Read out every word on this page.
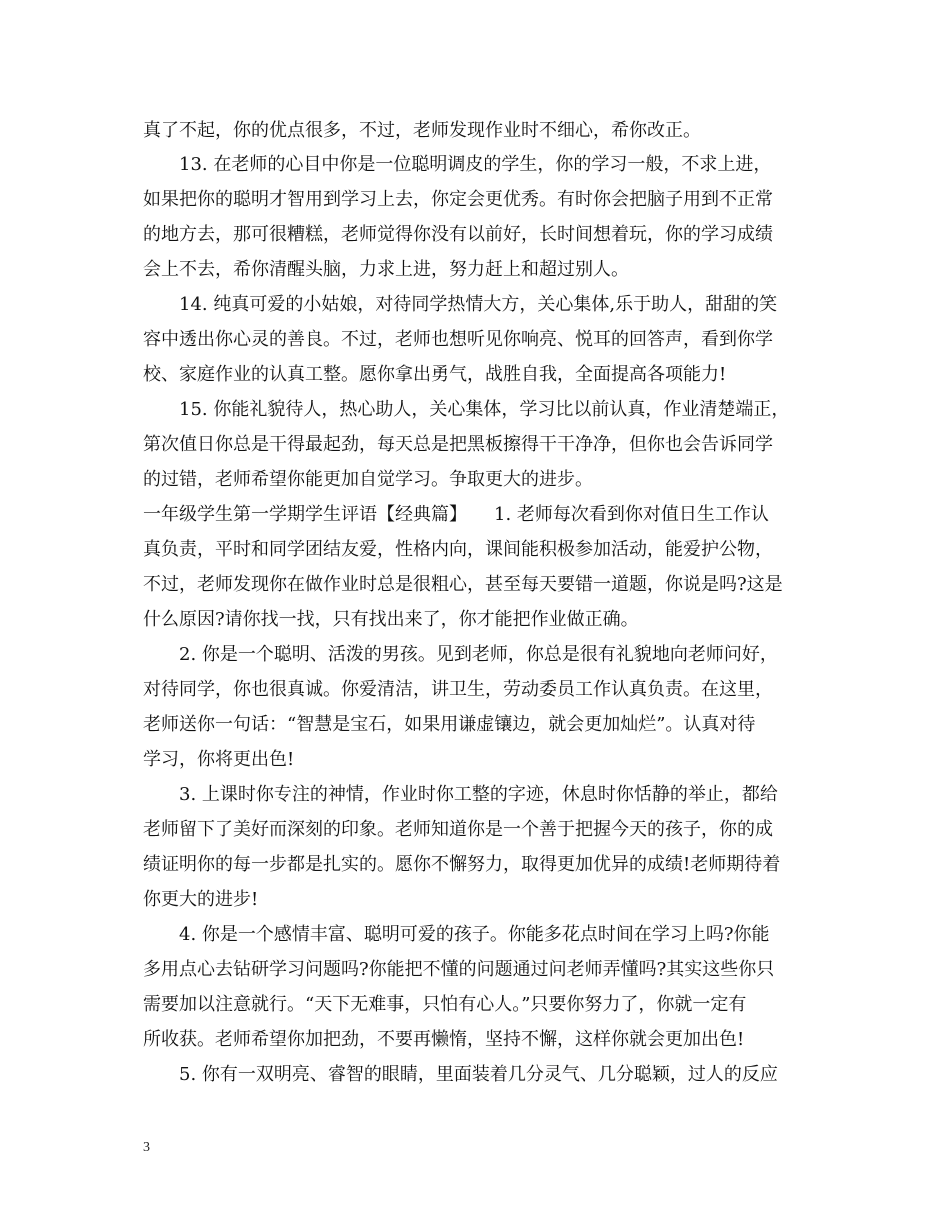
真了不起，你的优点很多，不过，老师发现作业时不细心，希你改正。

　　13. 在老师的心目中你是一位聪明调皮的学生，你的学习一般，不求上进，

如果把你的聪明才智用到学习上去，你定会更优秀。有时你会把脑子用到不正常

的地方去，那可很糟糕，老师觉得你没有以前好，长时间想着玩，你的学习成绩

会上不去，希你清醒头脑，力求上进，努力赶上和超过别人。

　　14. 纯真可爱的小姑娘，对待同学热情大方，关心集体,乐于助人，甜甜的笑

容中透出你心灵的善良。不过，老师也想听见你响亮、悦耳的回答声，看到你学

校、家庭作业的认真工整。愿你拿出勇气，战胜自我，全面提高各项能力!

　　15. 你能礼貌待人，热心助人，关心集体，学习比以前认真，作业清楚端正，

第次值日你总是干得最起劲，每天总是把黑板擦得干干净净，但你也会告诉同学

的过错，老师希望你能更加自觉学习。争取更大的进步。

一年级学生第一学期学生评语【经典篇】　　1. 老师每次看到你对值日生工作认

真负责，平时和同学团结友爱，性格内向，课间能积极参加活动，能爱护公物，

不过，老师发现你在做作业时总是很粗心，甚至每天要错一道题，你说是吗?这是

什么原因?请你找一找，只有找出来了，你才能把作业做正确。

　　2. 你是一个聪明、活泼的男孩。见到老师，你总是很有礼貌地向老师问好，

对待同学，你也很真诚。你爱清洁，讲卫生，劳动委员工作认真负责。在这里，

老师送你一句话：“智慧是宝石，如果用谦虚镶边，就会更加灿烂”。认真对待

学习，你将更出色!

　　3. 上课时你专注的神情，作业时你工整的字迹，休息时你恬静的举止，都给

老师留下了美好而深刻的印象。老师知道你是一个善于把握今天的孩子，你的成

绩证明你的每一步都是扎实的。愿你不懈努力，取得更加优异的成绩!老师期待着

你更大的进步!

　　4. 你是一个感情丰富、聪明可爱的孩子。你能多花点时间在学习上吗?你能

多用点心去钻研学习问题吗?你能把不懂的问题通过问老师弄懂吗?其实这些你只

需要加以注意就行。“天下无难事，只怕有心人。”只要你努力了，你就一定有

所收获。老师希望你加把劲，不要再懒惰，坚持不懈，这样你就会更加出色!

　　5. 你有一双明亮、睿智的眼睛，里面装着几分灵气、几分聪颖，过人的反应

3
